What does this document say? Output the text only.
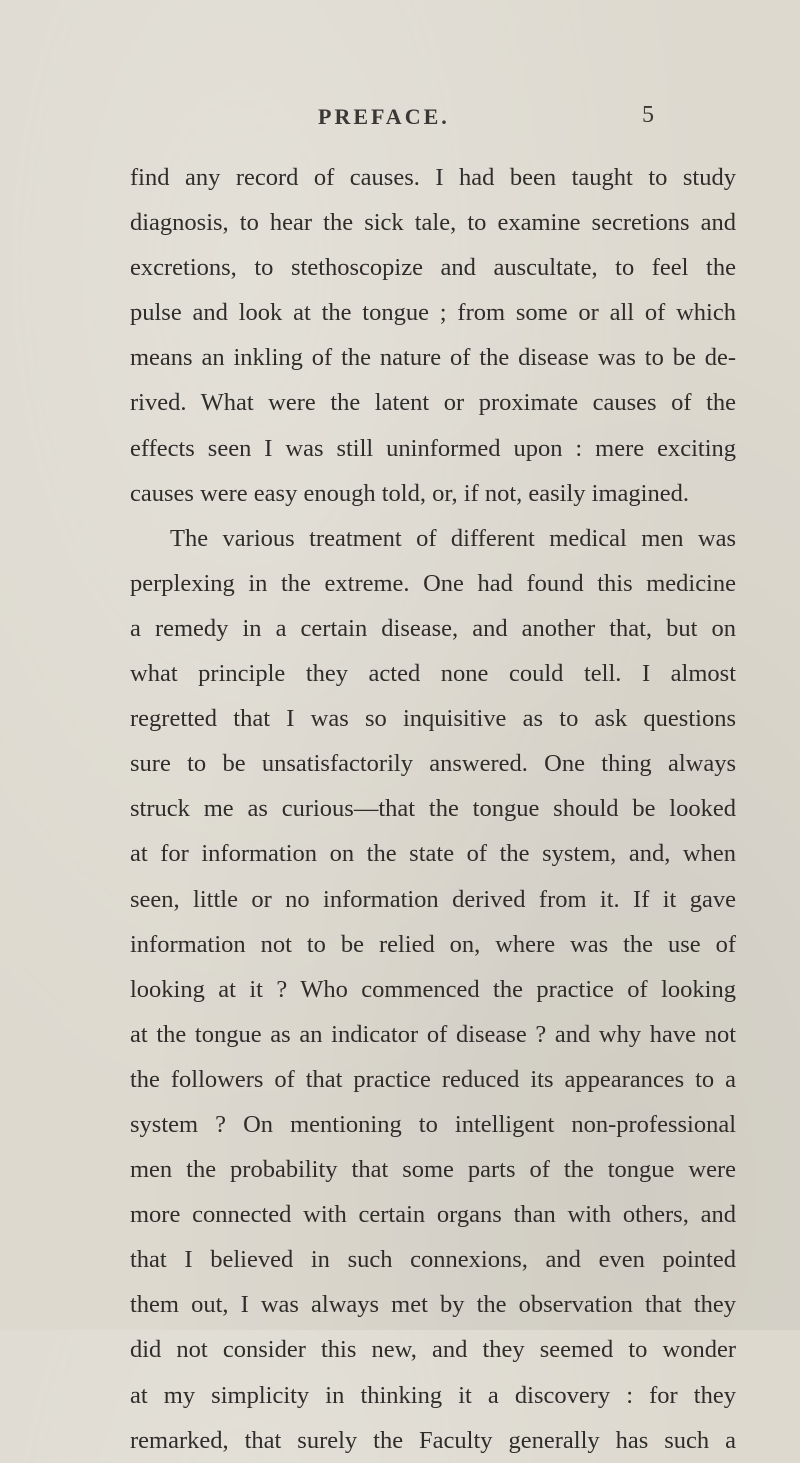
PREFACE.	5
find any record of causes. I had been taught to study
diagnosis, to hear the sick tale, to examine secretions and
excretions, to stethoscopize and auscultate, to feel the
pulse and look at the tongue ; from some or all of which
means an inkling of the nature of the disease was to be de-
rived. What were the latent or proximate causes of the
effects seen I was still uninformed upon : mere exciting
causes were easy enough told, or, if not, easily imagined.
The various treatment of different medical men was
perplexing in the extreme. One had found this medicine
a remedy in a certain disease, and another that, but on
what principle they acted none could tell. I almost
regretted that I was so inquisitive as to ask questions
sure to be unsatisfactorily answered. One thing always
struck me as curious—that the tongue should be looked
at for information on the state of the system, and, when
seen, little or no information derived from it. If it gave
information not to be relied on, where was the use of
looking at it ? Who commenced the practice of looking
at the tongue as an indicator of disease ? and why have not
the followers of that practice reduced its appearances to a
system ? On mentioning to intelligent non-professional
men the probability that some parts of the tongue were
more connected with certain organs than with others, and
that I believed in such connexions, and even pointed
them out, I was always met by the observation that they
did not consider this new, and they seemed to wonder
at my simplicity in thinking it a discovery : for they
remarked, that surely the Faculty generally has such a
